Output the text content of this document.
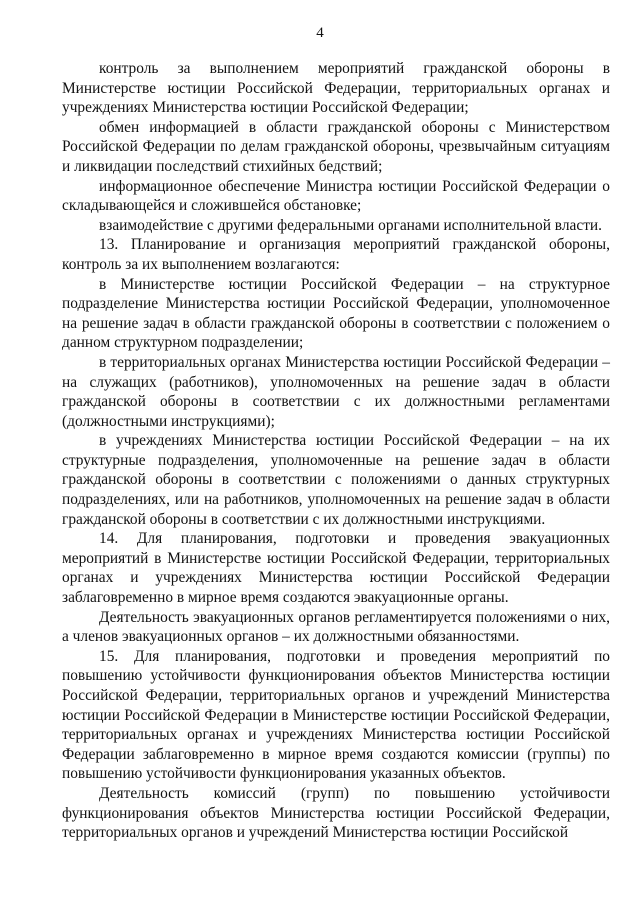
4

контроль за выполнением мероприятий гражданской обороны в Министерстве юстиции Российской Федерации, территориальных органах и учреждениях Министерства юстиции Российской Федерации;

обмен информацией в области гражданской обороны с Министерством Российской Федерации по делам гражданской обороны, чрезвычайным ситуациям и ликвидации последствий стихийных бедствий;

информационное обеспечение Министра юстиции Российской Федерации о складывающейся и сложившейся обстановке;

взаимодействие с другими федеральными органами исполнительной власти.

13. Планирование и организация мероприятий гражданской обороны, контроль за их выполнением возлагаются:

в Министерстве юстиции Российской Федерации – на структурное подразделение Министерства юстиции Российской Федерации, уполномоченное на решение задач в области гражданской обороны в соответствии с положением о данном структурном подразделении;

в территориальных органах Министерства юстиции Российской Федерации – на служащих (работников), уполномоченных на решение задач в области гражданской обороны в соответствии с их должностными регламентами (должностными инструкциями);

в учреждениях Министерства юстиции Российской Федерации – на их структурные подразделения, уполномоченные на решение задач в области гражданской обороны в соответствии с положениями о данных структурных подразделениях, или на работников, уполномоченных на решение задач в области гражданской обороны в соответствии с их должностными инструкциями.

14. Для планирования, подготовки и проведения эвакуационных мероприятий в Министерстве юстиции Российской Федерации, территориальных органах и учреждениях Министерства юстиции Российской Федерации заблаговременно в мирное время создаются эвакуационные органы.

Деятельность эвакуационных органов регламентируется положениями о них, а членов эвакуационных органов – их должностными обязанностями.

15. Для планирования, подготовки и проведения мероприятий по повышению устойчивости функционирования объектов Министерства юстиции Российской Федерации, территориальных органов и учреждений Министерства юстиции Российской Федерации в Министерстве юстиции Российской Федерации, территориальных органах и учреждениях Министерства юстиции Российской Федерации заблаговременно в мирное время создаются комиссии (группы) по повышению устойчивости функционирования указанных объектов.

Деятельность комиссий (групп) по повышению устойчивости функционирования объектов Министерства юстиции Российской Федерации, территориальных органов и учреждений Министерства юстиции Российской
